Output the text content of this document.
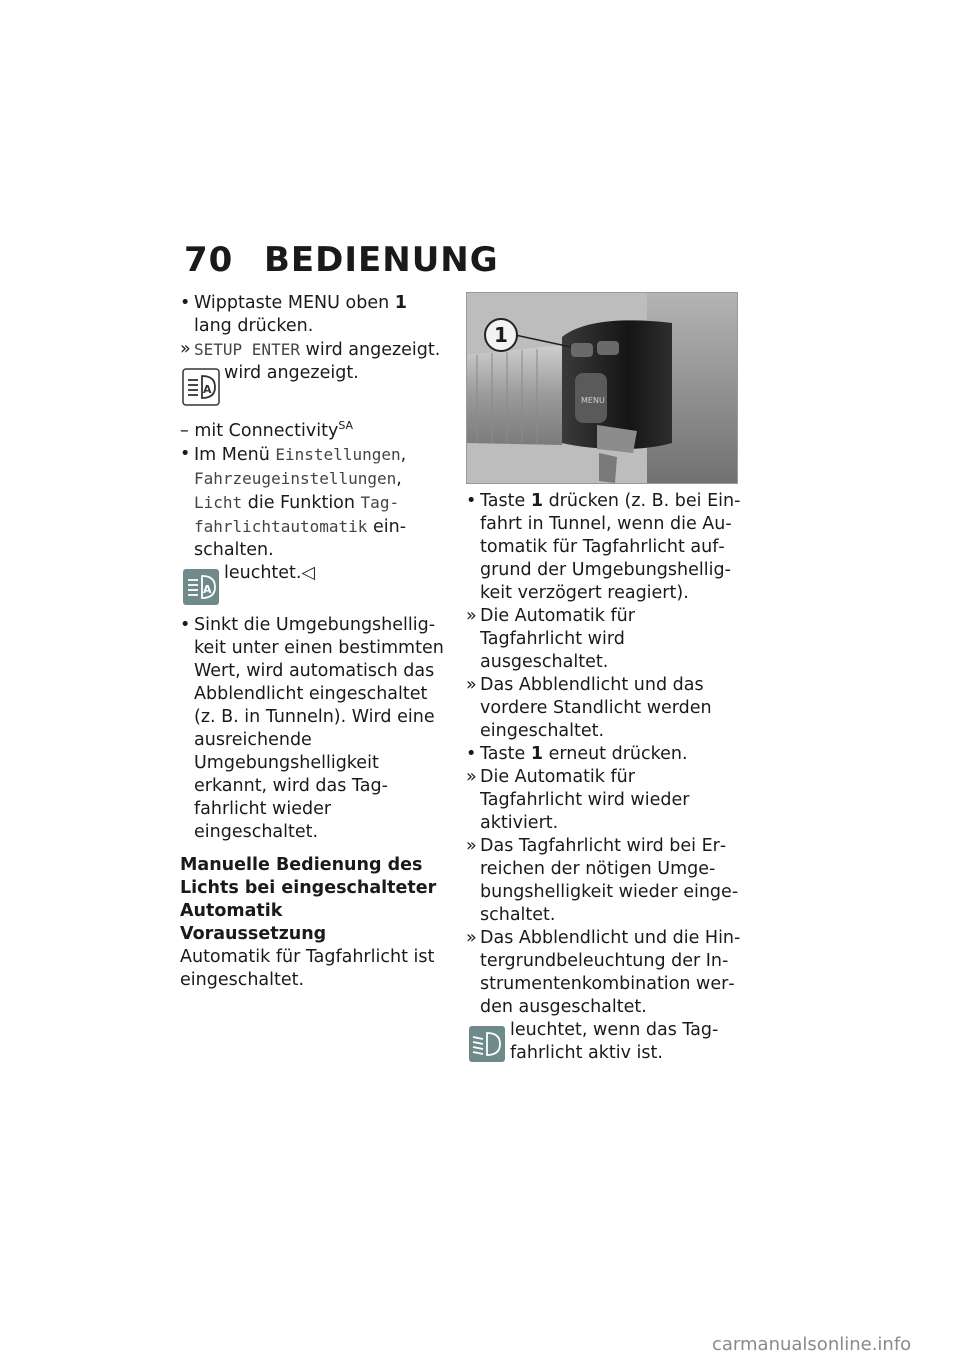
70 BEDIENUNG
•
Wipptaste MENU oben 1 lang drücken.
»
SETUP ENTER wird angezeigt.
A
wird angezeigt.
– mit Connectivity$^{SA}$
•
Im Menü Einstellungen, Fahrzeugeinstellungen, Licht die Funktion Tagfahrlichtautomatik einschalten.
A
leuchtet.◁
•
Sinkt die Umgebungshelligkeit unter einen bestimmten Wert, wird automatisch das Abblendlicht eingeschaltet (z. B. in Tunneln). Wird eine ausreichende Umgebungshelligkeit erkannt, wird das Tagfahrlicht wieder eingeschaltet.
Manuelle Bedienung des Lichts bei eingeschalteter Automatik
Voraussetzung
Automatik für Tagfahrlicht ist eingeschaltet.
MENU
1
•
Taste 1 drücken (z. B. bei Einfahrt in Tunnel, wenn die Automatik für Tagfahrlicht aufgrund der Umgebungshelligkeit verzögert reagiert).
»
Die Automatik für Tagfahrlicht wird ausgeschaltet.
»
Das Abblendlicht und das vordere Standlicht werden eingeschaltet.
•
Taste 1 erneut drücken.
»
Die Automatik für Tagfahrlicht wird wieder aktiviert.
»
Das Tagfahrlicht wird bei Erreichen der nötigen Umgebungshelligkeit wieder eingeschaltet.
»
Das Abblendlicht und die Hintergrundbeleuchtung der Instrumentenkombination werden ausgeschaltet.
leuchtet, wenn das Tagfahrlicht aktiv ist.
carmanualsonline.info
